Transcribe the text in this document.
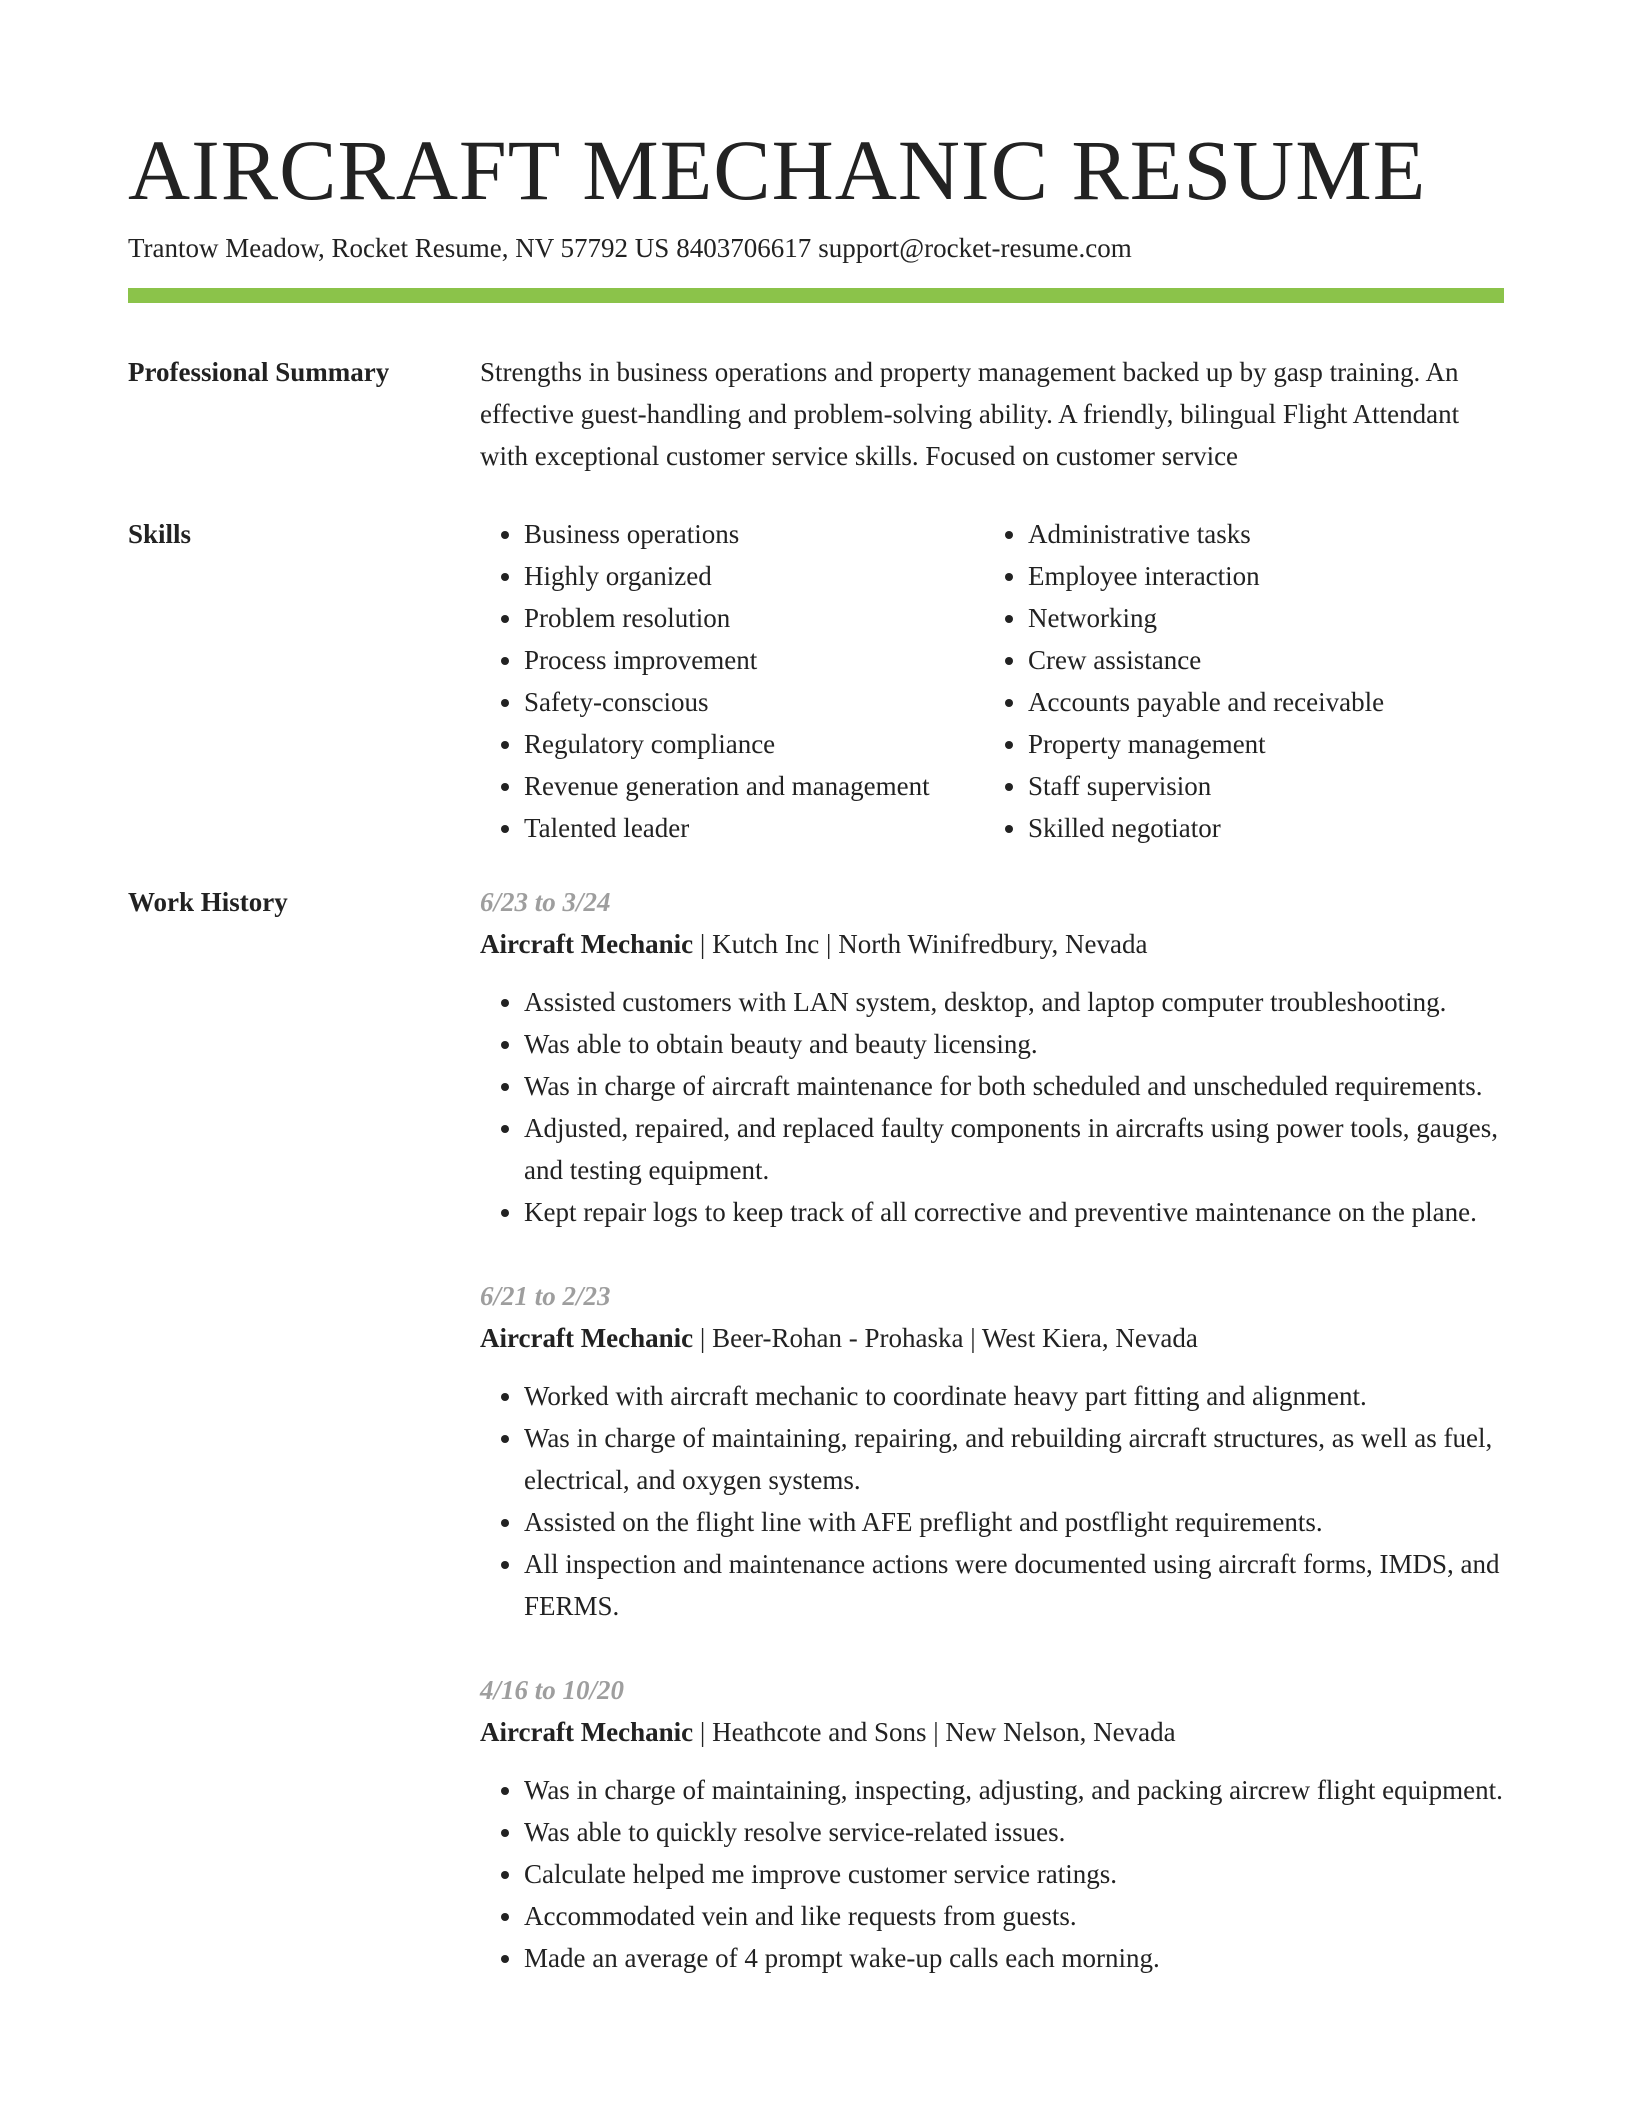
AIRCRAFT MECHANIC RESUME
Trantow Meadow, Rocket Resume, NV 57792 US 8403706617 support@rocket-resume.com
Professional Summary	Strengths in business operations and property management backed up by gasp training. An effective guest-handling and problem-solving ability. A friendly, bilingual Flight Attendant with exceptional customer service skills. Focused on customer service

Skills
•	Business operations
• Highly organized
• Problem resolution
• Process improvement
• Safety-conscious
• Regulatory compliance
• Revenue generation and management
• Talented leader
• Administrative tasks
• Employee interaction
• Networking
• Crew assistance
• Accounts payable and receivable
• Property management
• Staff supervision
• Skilled negotiator
Work History	6/23 to 3/24
Aircraft Mechanic | Kutch Inc | North Winifredbury, Nevada
• Assisted customers with LAN system, desktop, and laptop computer troubleshooting.
• Was able to obtain beauty and beauty licensing.
• Was in charge of aircraft maintenance for both scheduled and unscheduled requirements.
• Adjusted, repaired, and replaced faulty components in aircrafts using power tools, gauges, and testing equipment.
• Kept repair logs to keep track of all corrective and preventive maintenance on the plane.
6/21 to 2/23
Aircraft Mechanic | Beer-Rohan - Prohaska | West Kiera, Nevada
• Worked with aircraft mechanic to coordinate heavy part fitting and alignment.
• Was in charge of maintaining, repairing, and rebuilding aircraft structures, as well as fuel, electrical, and oxygen systems.
• Assisted on the flight line with AFE preflight and postflight requirements.
• All inspection and maintenance actions were documented using aircraft forms, IMDS, and FERMS.
4/16 to 10/20
Aircraft Mechanic | Heathcote and Sons | New Nelson, Nevada
• Was in charge of maintaining, inspecting, adjusting, and packing aircrew flight equipment.
• Was able to quickly resolve service-related issues.
• Calculate helped me improve customer service ratings.
• Accommodated vein and like requests from guests.
• Made an average of 4 prompt wake-up calls each morning.
